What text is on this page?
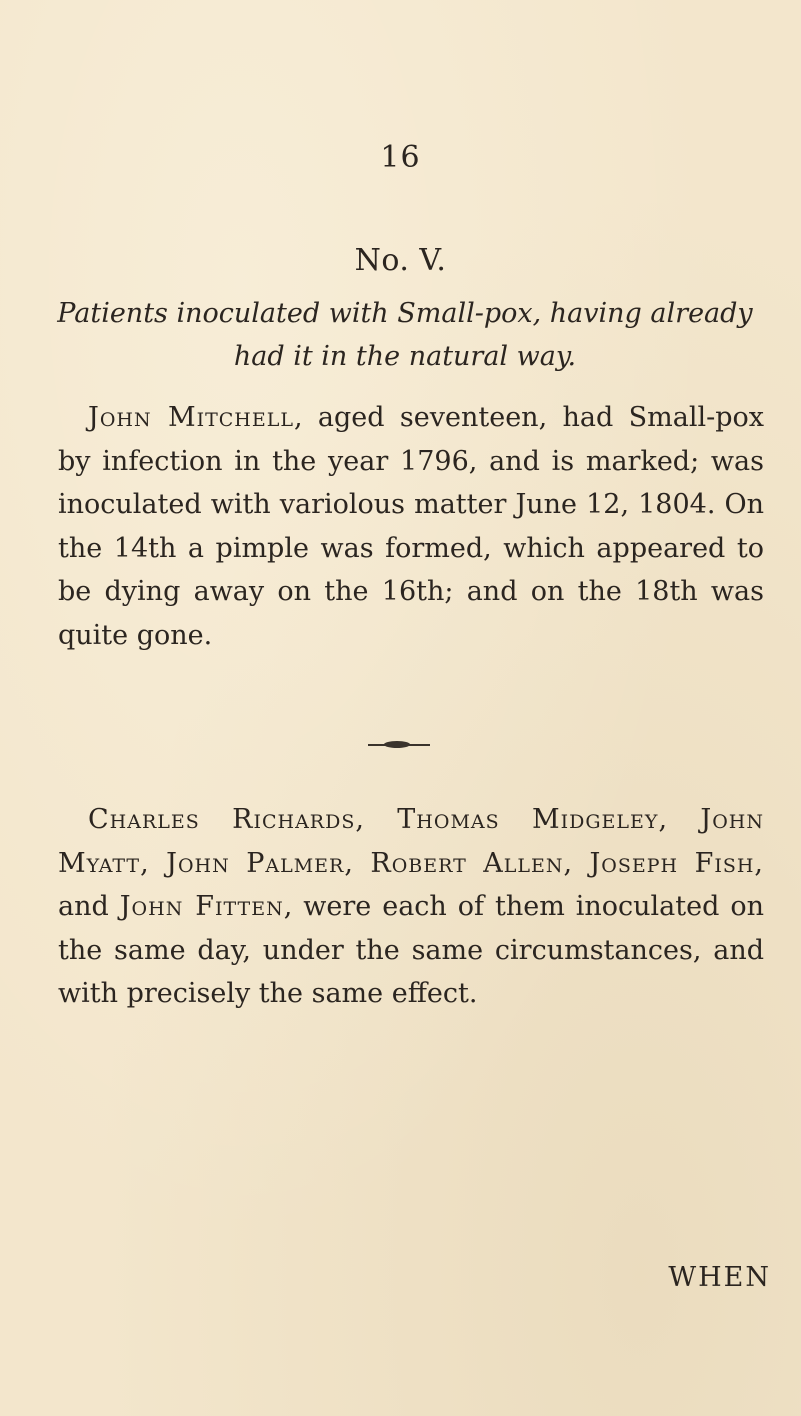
16
No. V.
Patients inoculated with Small-pox, having already had it in the natural way.
John Mitchell, aged seventeen, had Small-pox by infection in the year 1796, and is marked; was inoculated with variolous matter June 12, 1804. On the 14th a pimple was formed, which appeared to be dying away on the 16th; and on the 18th was quite gone.
Charles Richards, Thomas Midgeley, John Myatt, John Palmer, Robert Allen, Joseph Fish, and John Fitten, were each of them inoculated on the same day, under the same circumstances, and with precisely the same effect.
WHEN
